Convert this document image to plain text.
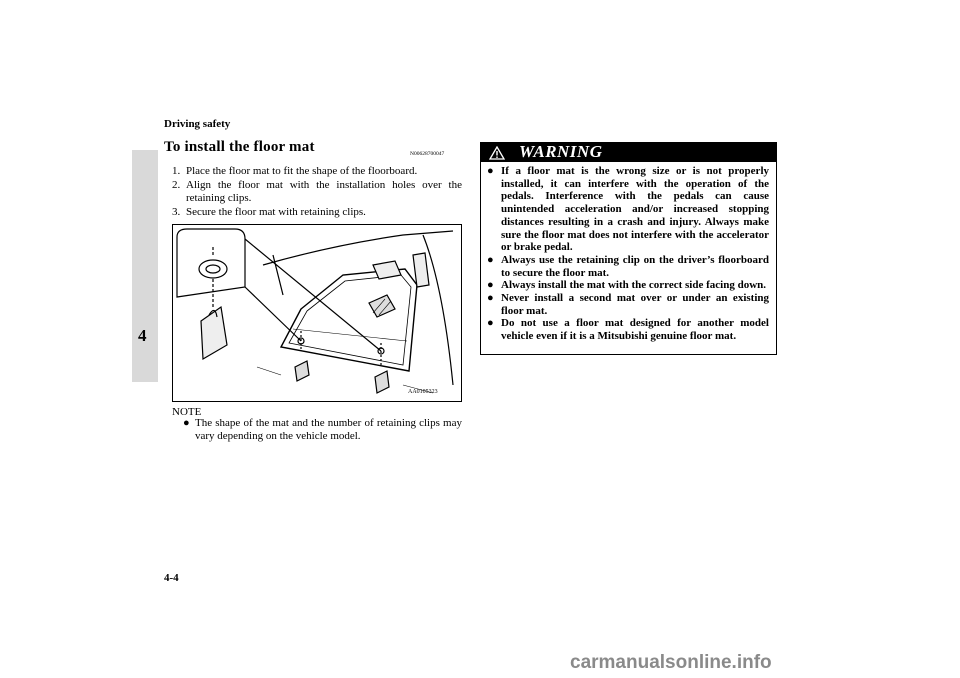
Driving safety
4
To install the floor mat	N00628700047
1. Place the floor mat to fit the shape of the floorboard.
2. Align the floor mat with the installation holes over the retaining clips.
3. Secure the floor mat with retaining clips.
AA0105323
NOTE
● The shape of the mat and the number of retaining clips may vary depending on the vehicle model.
WARNING
● If a floor mat is the wrong size or is not properly installed, it can interfere with the operation of the pedals. Interference with the pedals can cause unintended acceleration and/or increased stopping distances resulting in a crash and injury. Always make sure the floor mat does not interfere with the accelerator or brake pedal.
● Always use the retaining clip on the driver’s floorboard to secure the floor mat.
● Always install the mat with the correct side facing down.
● Never install a second mat over or under an existing floor mat.
● Do not use a floor mat designed for another model vehicle even if it is a Mitsubishi genuine floor mat.
4-4
carmanualsonline.info
